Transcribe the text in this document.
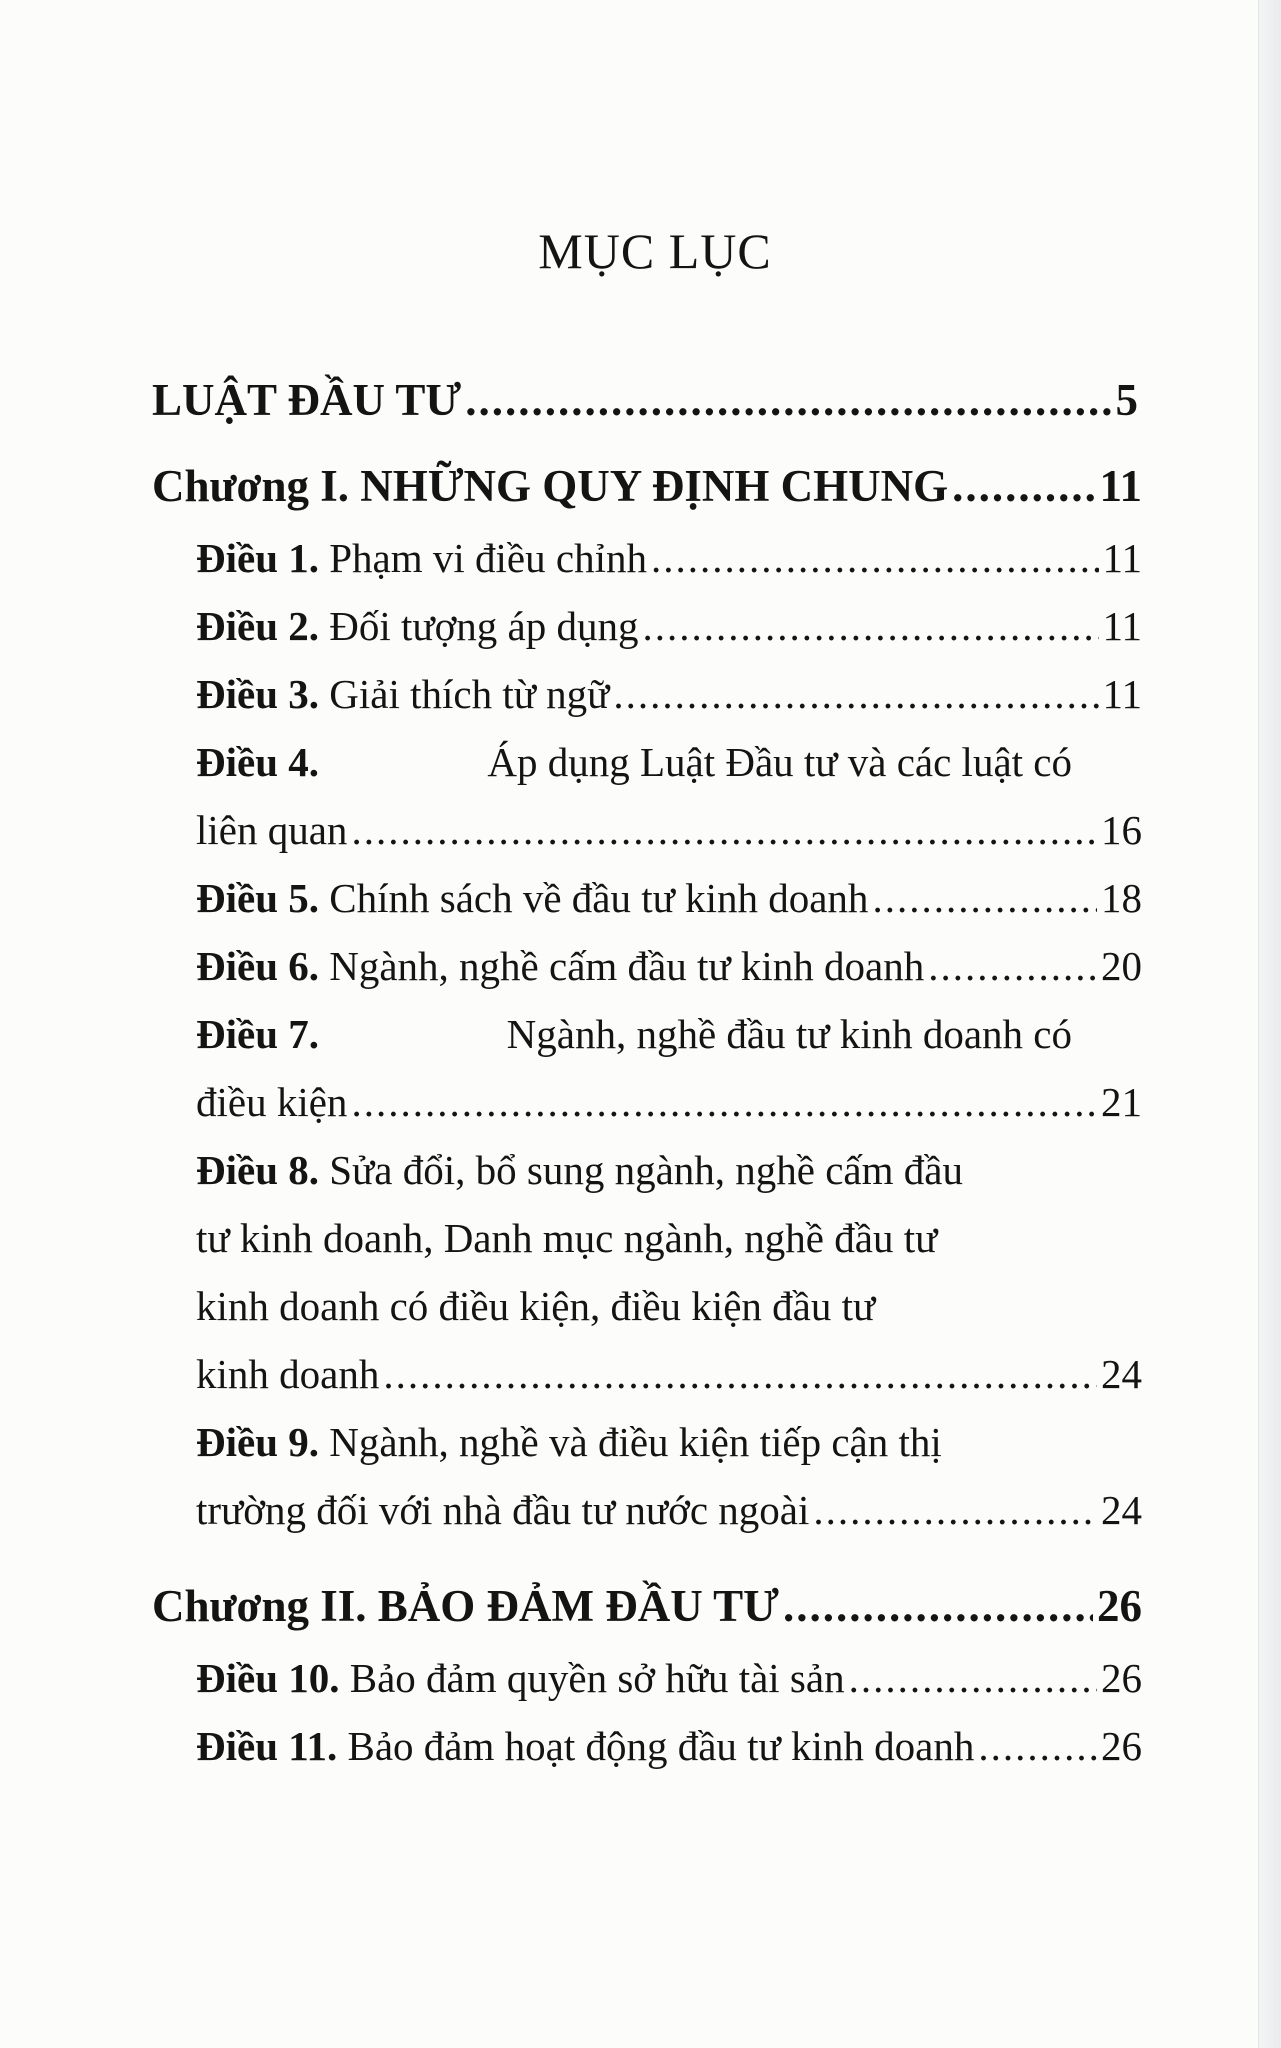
MỤC LỤC
LUẬT ĐẦU TƯ .....	5
Chương I. NHỮNG QUY ĐỊNH CHUNG .....	11
Điều 1. Phạm vi điều chỉnh .....	11
Điều 2. Đối tượng áp dụng .....	11
Điều 3. Giải thích từ ngữ .....	11
Điều 4.	Áp dụng Luật Đầu tư và các luật có
liên quan .....	16
Điều 5. Chính sách về đầu tư kinh doanh .....	18
Điều 6. Ngành, nghề cấm đầu tư kinh doanh .....	20
Điều 7.	Ngành, nghề đầu tư kinh doanh có
điều kiện .....	21
Điều 8. Sửa đổi, bổ sung ngành, nghề cấm đầu
tư kinh doanh, Danh mục ngành, nghề đầu tư
kinh doanh có điều kiện, điều kiện đầu tư
kinh doanh .....	24
Điều 9. Ngành, nghề và điều kiện tiếp cận thị
trường đối với nhà đầu tư nước ngoài .....	24
Chương II. BẢO ĐẢM ĐẦU TƯ .....	26
Điều 10. Bảo đảm quyền sở hữu tài sản .....	26
Điều 11. Bảo đảm hoạt động đầu tư kinh doanh .....	26
